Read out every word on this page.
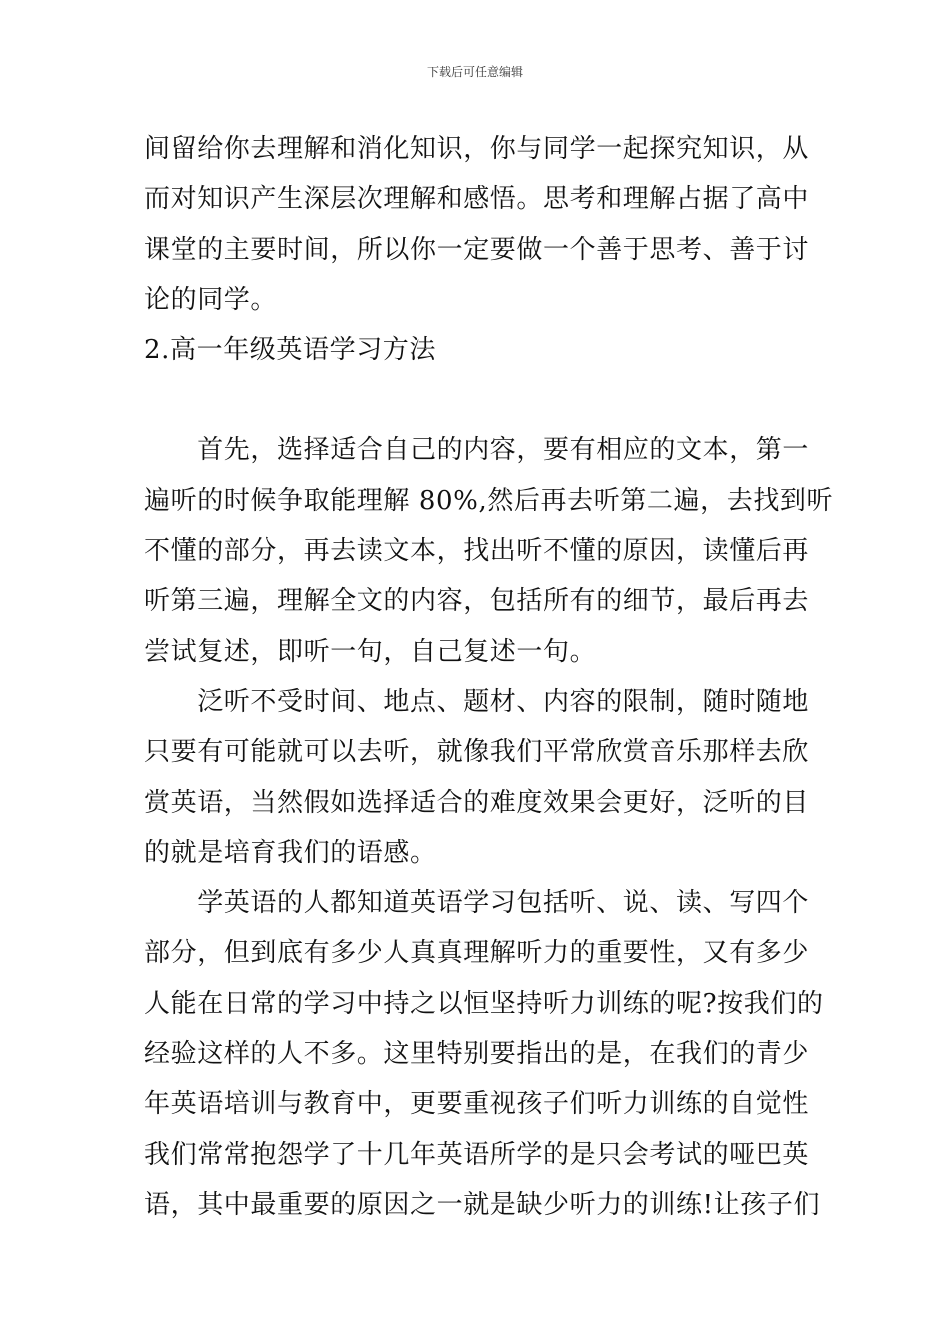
下载后可任意编辑
间留给你去理解和消化知识，你与同学一起探究知识，从
而对知识产生深层次理解和感悟。思考和理解占据了高中
课堂的主要时间，所以你一定要做一个善于思考、善于讨
论的同学。
2.高一年级英语学习方法
　　首先，选择适合自己的内容，要有相应的文本，第一
遍听的时候争取能理解 80%,然后再去听第二遍，去找到听
不懂的部分，再去读文本，找出听不懂的原因，读懂后再
听第三遍，理解全文的内容，包括所有的细节，最后再去
尝试复述，即听一句，自己复述一句。
　　泛听不受时间、地点、题材、内容的限制，随时随地
只要有可能就可以去听，就像我们平常欣赏音乐那样去欣
赏英语，当然假如选择适合的难度效果会更好，泛听的目
的就是培育我们的语感。
　　学英语的人都知道英语学习包括听、说、读、写四个
部分，但到底有多少人真真理解听力的重要性，又有多少
人能在日常的学习中持之以恒坚持听力训练的呢?按我们的
经验这样的人不多。这里特别要指出的是，在我们的青少
年英语培训与教育中，更要重视孩子们听力训练的自觉性
我们常常抱怨学了十几年英语所学的是只会考试的哑巴英
语，其中最重要的原因之一就是缺少听力的训练!让孩子们
